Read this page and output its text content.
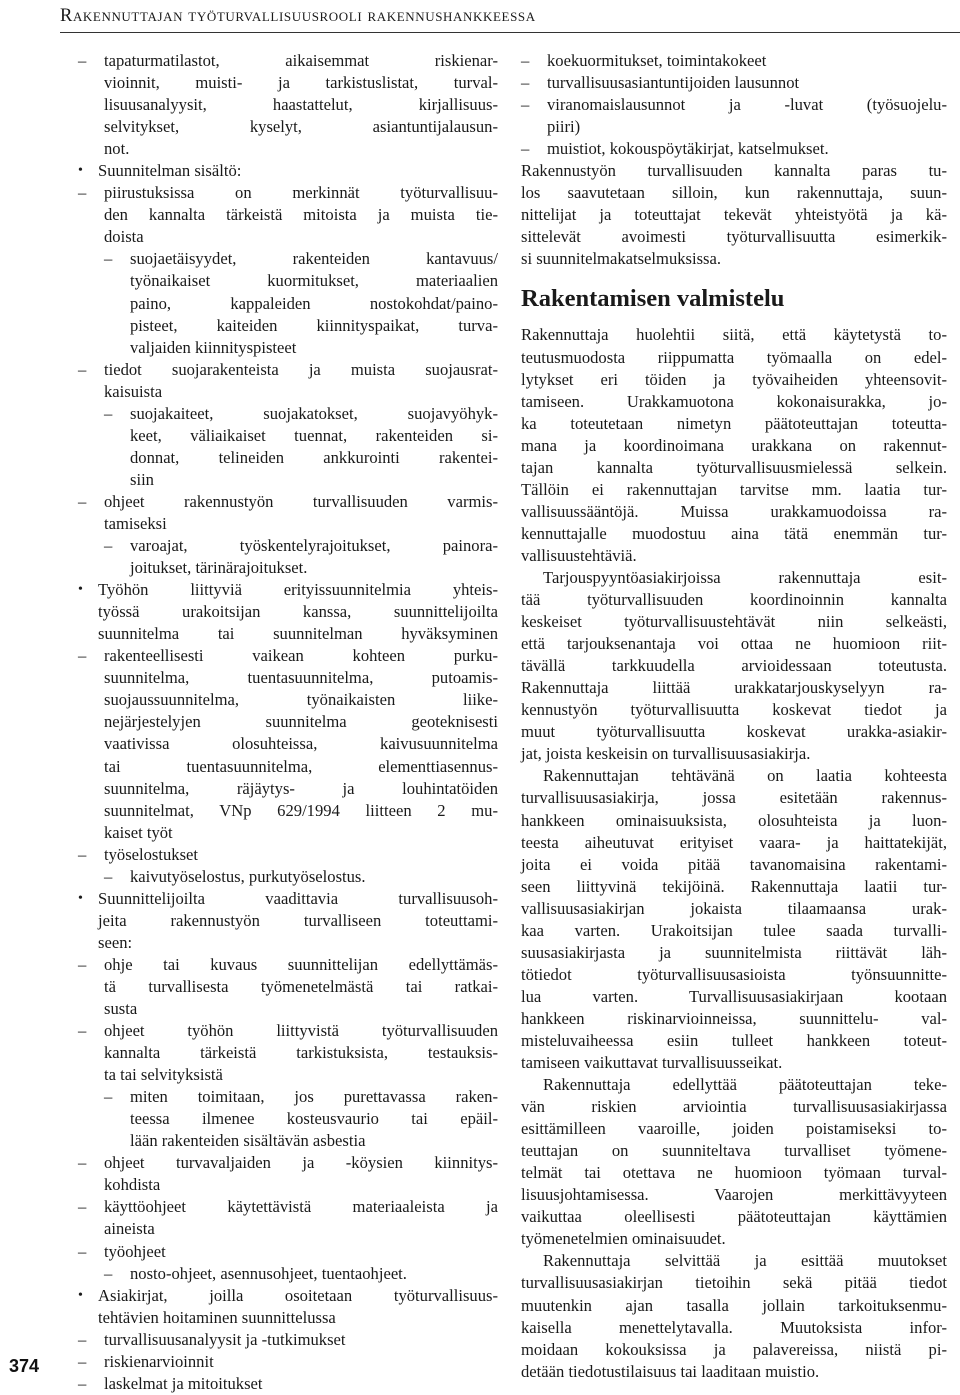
Rakennuttajan työturvallisuusrooli rakennushankkeessa
– tapaturmatilastot, aikaisemmat riskienar-
vioinnit, muisti- ja tarkistuslistat, turval-
lisuusanalyysit, haastattelut, kirjallisuus-
selvitykset, kyselyt, asiantuntijalausun-
not.
• Suunnitelman sisältö:
– piirustuksissa on merkinnät työturvallisuu-
den kannalta tärkeistä mitoista ja muista tie-
doista
– suojaetäisyydet, rakenteiden kantavuus/
työnaikaiset kuormitukset, materiaalien
paino, kappaleiden nostokohdat/paino-
pisteet, kaiteiden kiinnityspaikat, turva-
valjaiden kiinnityspisteet
– tiedot suojarakenteista ja muista suojausrat-
kaisuista
– suojakaiteet, suojakatokset, suojavyöhyk-
keet, väliaikaiset tuennat, rakenteiden si-
donnat, telineiden ankkurointi rakentei-
siin
– ohjeet rakennustyön turvallisuuden varmis-
tamiseksi
– varoajat, työskentelyrajoitukset, painora-
joitukset, tärinärajoitukset.
• Työhön liittyviä erityissuunnitelmia yhteis-
työssä urakoitsijan kanssa, suunnittelijoilta
suunnitelma tai suunnitelman hyväksyminen
– rakenteellisesti vaikean kohteen purku-
suunnitelma, tuentasuunnitelma, putoamis-
suojaussuunnitelma, työnaikaisten liike-
nejärjestelyjen suunnitelma geoteknisesti
vaativissa olosuhteissa, kaivusuunnitelma
tai tuentasuunnitelma, elementtiasennus-
suunnitelma, räjäytys- ja louhintatöiden
suunnitelmat, VNp 629/1994 liitteen 2 mu-
kaiset työt
– työselostukset
– kaivutyöselostus, purkutyöselostus.
• Suunnittelijoilta vaadittavia turvallisuusoh-
jeita rakennustyön turvalliseen toteuttami-
seen:
– ohje tai kuvaus suunnittelijan edellyttämäs-
tä turvallisesta työmenetelmästä tai ratkai-
susta
– ohjeet työhön liittyvistä työturvallisuuden
kannalta tärkeistä tarkistuksista, testauksis-
ta tai selvityksistä
– miten toimitaan, jos purettavassa raken-
teessa ilmenee kosteusvaurio tai epäil-
lään rakenteiden sisältävän asbestia
– ohjeet turvavaljaiden ja -köysien kiinnitys-
kohdista
– käyttöohjeet käytettävistä materiaaleista ja
aineista
– työohjeet
– nosto-ohjeet, asennusohjeet, tuentaohjeet.
• Asiakirjat, joilla osoitetaan työturvallisuus-
tehtävien hoitaminen suunnittelussa
– turvallisuusanalyysit ja -tutkimukset
– riskienarvioinnit
– laskelmat ja mitoitukset
– koekuormitukset, toimintakokeet
– turvallisuusasiantuntijoiden lausunnot
– viranomaislausunnot ja -luvat (työsuojelu-
piiri)
– muistiot, kokouspöytäkirjat, katselmukset.
Rakennustyön turvallisuuden kannalta paras tu-
los saavutetaan silloin, kun rakennuttaja, suun-
nittelijat ja toteuttajat tekevät yhteistyötä ja kä-
sittelevät avoimesti työturvallisuutta esimerkik-
si suunnitelmakatselmuksissa.
Rakentamisen valmistelu
Rakennuttaja huolehtii siitä, että käytetystä to-
teutusmuodosta riippumatta työmaalla on edel-
lytykset eri töiden ja työvaiheiden yhteensovit-
tamiseen. Urakkamuotona kokonaisurakka, jo-
ka toteutetaan nimetyn päätoteuttajan toteutta-
mana ja koordinoimana urakkana on rakennut-
tajan kannalta työturvallisuusmielessä selkein.
Tällöin ei rakennuttajan tarvitse mm. laatia tur-
vallisuussääntöjä. Muissa urakkamuodoissa ra-
kennuttajalle muodostuu aina tätä enemmän tur-
vallisuustehtäviä.
Tarjouspyyntöasiakirjoissa rakennuttaja esit-
tää työturvallisuuden koordinoinnin kannalta
keskeiset työturvallisuustehtävät niin selkeästi,
että tarjouksenantaja voi ottaa ne huomioon riit-
tävällä tarkkuudella arvioidessaan toteutusta.
Rakennuttaja liittää urakkatarjouskyselyyn ra-
kennustyön työturvallisuutta koskevat tiedot ja
muut työturvallisuutta koskevat urakka-asiakir-
jat, joista keskeisin on turvallisuusasiakirja.
Rakennuttajan tehtävänä on laatia kohteesta
turvallisuusasiakirja, jossa esitetään rakennus-
hankkeen ominaisuuksista, olosuhteista ja luon-
teesta aiheutuvat erityiset vaara- ja haittatekijät,
joita ei voida pitää tavanomaisina rakentami-
seen liittyvinä tekijöinä. Rakennuttaja laatii tur-
vallisuusasiakirjan jokaista tilaamaansa urak-
kaa varten. Urakoitsijan tulee saada turvalli-
suusasiakirjasta ja suunnitelmista riittävät läh-
tötiedot työturvallisuusasioista työnsuunnitte-
lua varten. Turvallisuusasiakirjaan kootaan
hankkeen riskinarvioinneissa, suunnittelu- val-
misteluvaiheessa esiin tulleet hankkeen toteut-
tamiseen vaikuttavat turvallisuusseikat.
Rakennuttaja edellyttää päätoteuttajan teke-
vän riskien arviointia turvallisuusasiakirjassa
esittämilleen vaaroille, joiden poistamiseksi to-
teuttajan on suunniteltava turvalliset työmene-
telmät tai otettava ne huomioon työmaan turval-
lisuusjohtamisessa. Vaarojen merkittävyyteen
vaikuttaa oleellisesti päätoteuttajan käyttämien
työmenetelmien ominaisuudet.
Rakennuttaja selvittää ja esittää muutokset
turvallisuusasiakirjan tietoihin sekä pitää tiedot
muutenkin ajan tasalla jollain tarkoituksenmu-
kaisella menettelytavalla. Muutoksista infor-
moidaan kokouksissa ja palavereissa, niistä pi-
detään tiedotustilaisuus tai laaditaan muistio.
374
